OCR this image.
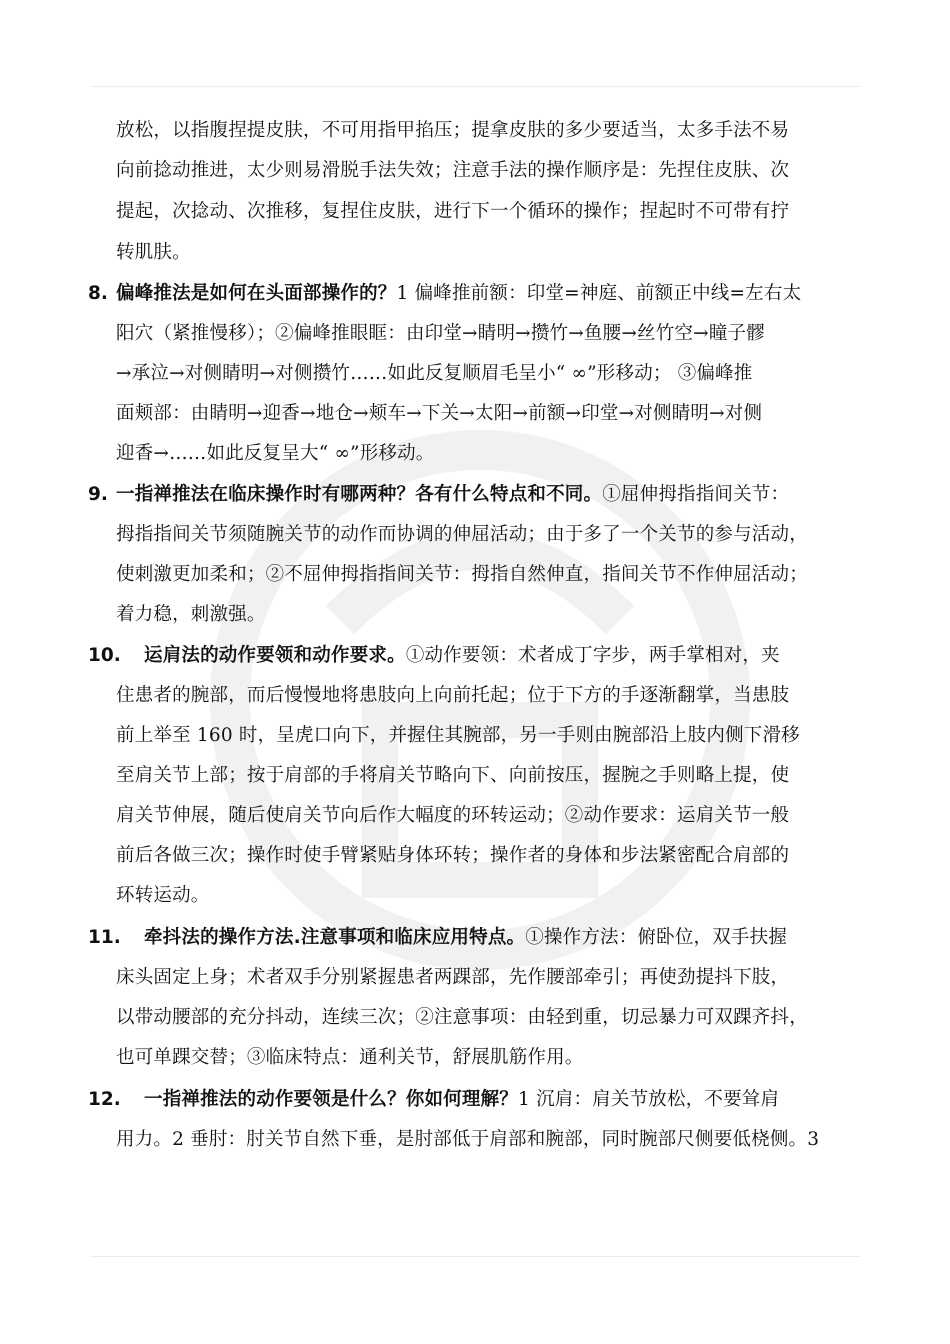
放松，以指腹捏提皮肤，不可用指甲掐压；提拿皮肤的多少要适当，太多手法不易
向前捻动推进，太少则易滑脱手法失效；注意手法的操作顺序是：先捏住皮肤、次
提起，次捻动、次推移，复捏住皮肤，进行下一个循环的操作；捏起时不可带有拧
转肌肤。
8. 偏峰推法是如何在头面部操作的？1 偏峰推前额：印堂=神庭、前额正中线=左右太
阳穴（紧推慢移）；②偏峰推眼眶：由印堂→睛明→攒竹→鱼腰→丝竹空→瞳子髎
→承泣→对侧睛明→对侧攒竹……如此反复顺眉毛呈小“ ∞”形移动； ③偏峰推
面颊部：由睛明→迎香→地仓→颊车→下关→太阳→前额→印堂→对侧睛明→对侧
迎香→……如此反复呈大“ ∞”形移动。
9. 一指禅推法在临床操作时有哪两种？各有什么特点和不同。①屈伸拇指指间关节：
拇指指间关节须随腕关节的动作而协调的伸屈活动；由于多了一个关节的参与活动，
使刺激更加柔和；②不屈伸拇指指间关节：拇指自然伸直，指间关节不作伸屈活动；
着力稳，刺激强。
10. 运肩法的动作要领和动作要求。①动作要领：术者成丁字步，两手掌相对，夹
住患者的腕部，而后慢慢地将患肢向上向前托起；位于下方的手逐渐翻掌，当患肢
前上举至 160 时，呈虎口向下，并握住其腕部，另一手则由腕部沿上肢内侧下滑移
至肩关节上部；按于肩部的手将肩关节略向下、向前按压，握腕之手则略上提，使
肩关节伸展，随后使肩关节向后作大幅度的环转运动；②动作要求：运肩关节一般
前后各做三次；操作时使手臂紧贴身体环转；操作者的身体和步法紧密配合肩部的
环转运动。
11. 牵抖法的操作方法.注意事项和临床应用特点。①操作方法：俯卧位，双手扶握
床头固定上身；术者双手分别紧握患者两踝部，先作腰部牵引；再使劲提抖下肢，
以带动腰部的充分抖动，连续三次；②注意事项：由轻到重，切忌暴力可双踝齐抖，
也可单踝交替；③临床特点：通利关节，舒展肌筋作用。
12. 一指禅推法的动作要领是什么？你如何理解？1 沉肩：肩关节放松，不要耸肩
用力。2 垂肘：肘关节自然下垂，是肘部低于肩部和腕部，同时腕部尺侧要低桡侧。3
